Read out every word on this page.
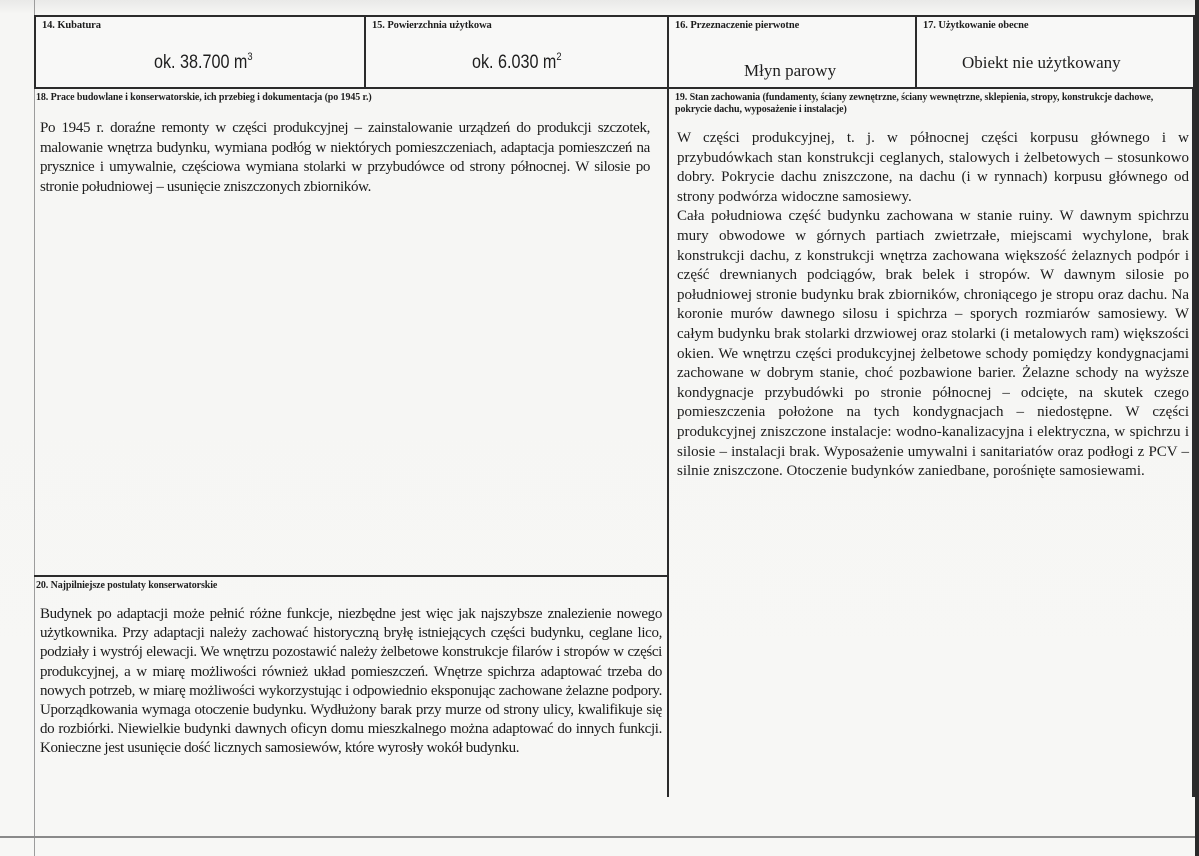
14. Kubatura
ok. 38.700 $m^3$
15. Powierzchnia użytkowa
ok. 6.030 $m^2$
16. Przeznaczenie pierwotne
Młyn parowy
17. Użytkowanie obecne
Obiekt nie użytkowany
18. Prace budowlane i konserwatorskie, ich przebieg i dokumentacja (po 1945 r.)

Po 1945 r. doraźne remonty w części produkcyjnej – zainstalowanie urządzeń do produkcji szczotek, malowanie wnętrza budynku, wymiana podłóg w niektórych pomieszczeniach, adaptacja pomieszczeń na prysznice i umywalnie, częściowa wymiana stolarki w przybudówce od strony północnej. W silosie po stronie południowej – usunięcie zniszczonych zbiorników.

19. Stan zachowania (fundamenty, ściany zewnętrzne, ściany wewnętrzne, sklepienia, stropy, konstrukcje dachowe, pokrycie dachu, wyposażenie i instalacje)

W części produkcyjnej, t. j. w północnej części korpusu głównego i w przybudówkach stan konstrukcji ceglanych, stalowych i żelbetowych – stosunkowo dobry. Pokrycie dachu zniszczone, na dachu (i w rynnach) korpusu głównego od strony podwórza widoczne samosiewy.

Cała południowa część budynku zachowana w stanie ruiny. W dawnym spichrzu mury obwodowe w górnych partiach zwietrzałe, miejscami wychylone, brak konstrukcji dachu, z konstrukcji wnętrza zachowana większość żelaznych podpór i część drewnianych podciągów, brak belek i stropów. W dawnym silosie po południowej stronie budynku brak zbiorników, chroniącego je stropu oraz dachu. Na koronie murów dawnego silosu i spichrza – sporych rozmiarów samosiewy. W całym budynku brak stolarki drzwiowej oraz stolarki (i metalowych ram) większości okien. We wnętrzu części produkcyjnej żelbetowe schody pomiędzy kondygnacjami zachowane w dobrym stanie, choć pozbawione barier. Żelazne schody na wyższe kondygnacje przybudówki po stronie północnej – odcięte, na skutek czego pomieszczenia położone na tych kondygnacjach – niedostępne. W części produkcyjnej zniszczone instalacje: wodno-kanalizacyjna i elektryczna, w spichrzu i silosie – instalacji brak. Wyposażenie umywalni i sanitariatów oraz podłogi z PCV – silnie zniszczone. Otoczenie budynków zaniedbane, porośnięte samosiewami.

20. Najpilniejsze postulaty konserwatorskie

Budynek po adaptacji może pełnić różne funkcje, niezbędne jest więc jak najszybsze znalezienie nowego użytkownika. Przy adaptacji należy zachować historyczną bryłę istniejących części budynku, ceglane lico, podziały i wystrój elewacji. We wnętrzu pozostawić należy żelbetowe konstrukcje filarów i stropów w części produkcyjnej, a w miarę możliwości również układ pomieszczeń. Wnętrze spichrza adaptować trzeba do nowych potrzeb, w miarę możliwości wykorzystując i odpowiednio eksponując zachowane żelazne podpory. Uporządkowania wymaga otoczenie budynku. Wydłużony barak przy murze od strony ulicy, kwalifikuje się do rozbiórki. Niewielkie budynki dawnych oficyn domu mieszkalnego można adaptować do innych funkcji. Konieczne jest usunięcie dość licznych samosiewów, które wyrosły wokół budynku.
